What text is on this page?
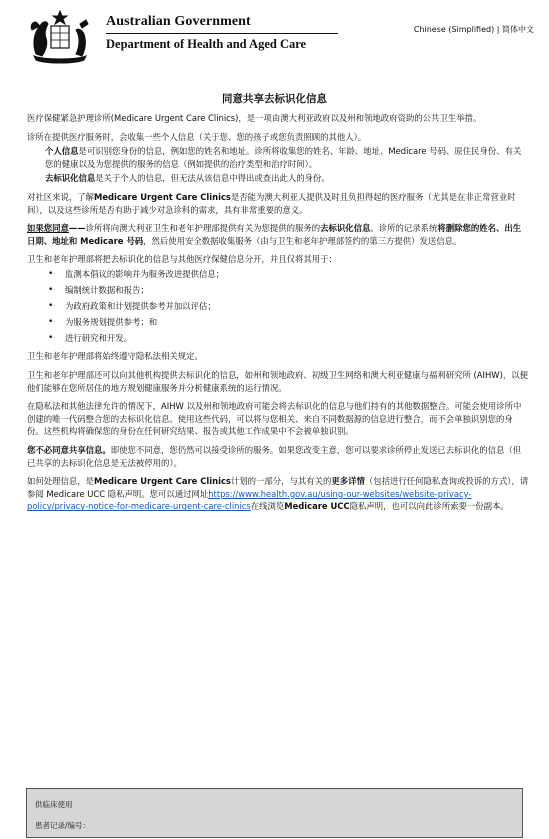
Australian Government
Department of Health and Aged Care
Chinese (Simplified) | 简体中文
同意共享去标识化信息

医疗保健紧急护理诊所(Medicare Urgent Care Clinics)，是一项由澳大利亚政府以及州和领地政府资助的公共卫生举措。

诊所在提供医疗服务时，会收集一些个人信息（关于您、您的孩子或您负责照顾的其他人）。

个人信息是可识别您身份的信息，例如您的姓名和地址。诊所将收集您的姓名、年龄、地址、Medicare 号码、原住民身份、有关您的健康以及为您提供的服务的信息（例如提供的治疗类型和治疗时间）。

去标识化信息是关于个人的信息，但无法从该信息中得出或查出此人的身份。

对社区来说，了解Medicare Urgent Care Clinics是否能为澳大利亚人提供及时且负担得起的医疗服务（尤其是在非正常营业时间），以及这些诊所是否有助于减少对急诊科的需求，具有非常重要的意义。

如果您同意——诊所将向澳大利亚卫生和老年护理部提供有关为您提供的服务的去标识化信息。诊所的记录系统将删除您的姓名、出生日期、地址和 Medicare 号码，然后使用安全数据收集服务（由与卫生和老年护理部签约的第三方提供）发送信息。

卫生和老年护理部将把去标识化的信息与其他医疗保健信息分开，并且仅将其用于：

• 监测本倡议的影响并为服务改进提供信息；
• 编制统计数据和报告；
• 为政府政策和计划提供参考并加以评估；
• 为服务规划提供参考；和
• 进行研究和开发。

卫生和老年护理部将始终遵守隐私法相关规定。

卫生和老年护理部还可以向其他机构提供去标识化的信息，如州和领地政府、初级卫生网络和澳大利亚健康与福利研究所 (AIHW)，以便他们能够在您所居住的地方规划健康服务并分析健康系统的运行情况。

在隐私法和其他法律允许的情况下，AIHW 以及州和领地政府可能会将去标识化的信息与他们持有的其他数据整合。可能会使用诊所中创建的唯一代码整合您的去标识化信息。使用这些代码，可以将与您相关、来自不同数据源的信息进行整合，而不会单独识别您的身份。这些机构将确保您的身份在任何研究结果、报告或其他工作成果中不会被单独识别。

您不必同意共享信息。即使您不同意，您仍然可以接受诊所的服务。如果您改变主意，您可以要求诊所停止发送已去标识化的信息（但已共享的去标识化信息是无法被停用的）。

如何处理信息，是Medicare Urgent Care Clinics计划的一部分，与其有关的更多详情（包括进行任何隐私查询或投诉的方式），请参阅 Medicare UCC 隐私声明。您可以通过网址https://www.health.gov.au/using-our-websites/website-privacy-policy/privacy-notice-for-medicare-urgent-care-clinics在线浏览Medicare UCC隐私声明，也可以向此诊所索要一份副本。

供临床使用
患者记录/编号：
